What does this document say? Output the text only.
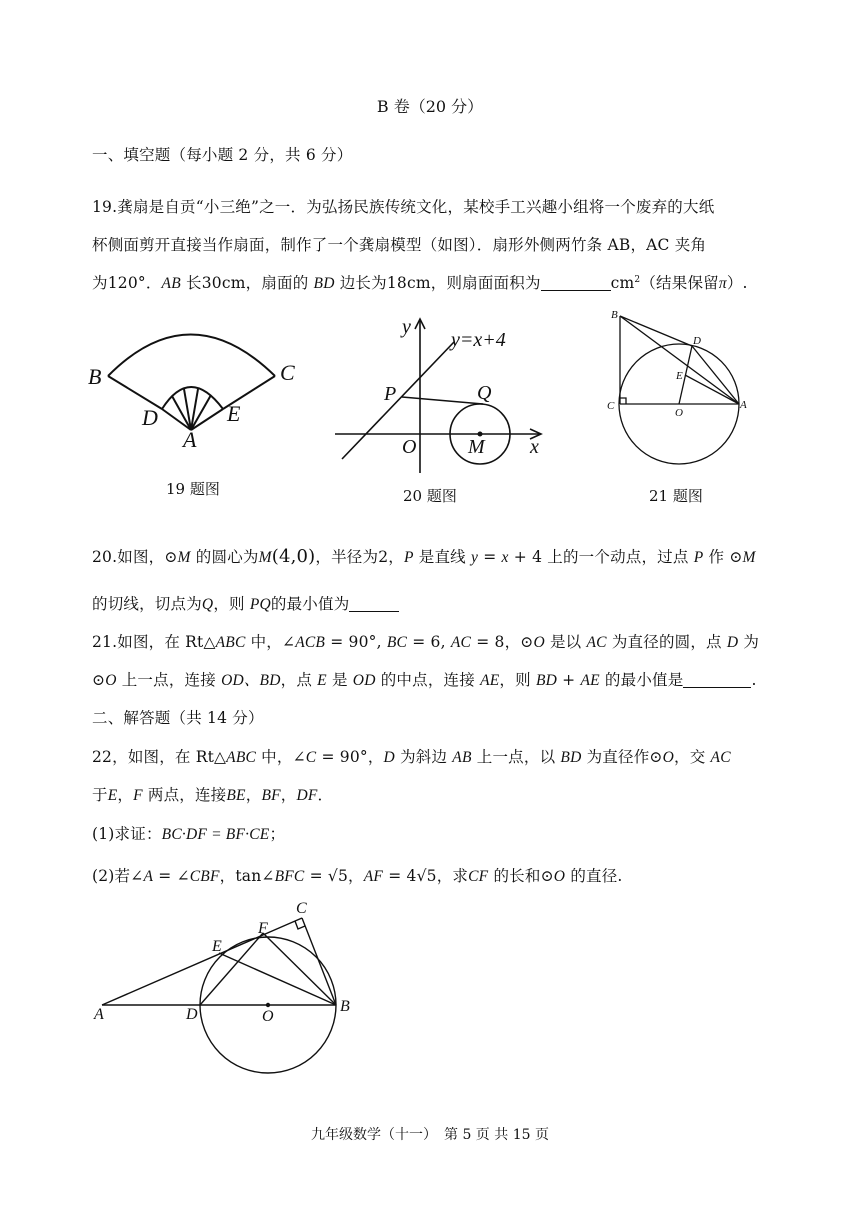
B 卷（20 分）
一、填空题（每小题 2 分，共 6 分）
19.龚扇是自贡“小三绝”之一．为弘扬民族传统文化，某校手工兴趣小组将一个废弃的大纸
杯侧面剪开直接当作扇面，制作了一个龚扇模型（如图）．扇形外侧两竹条 AB，AC 夹角
为120°．AB 长30cm，扇面的 BD 边长为18cm，则扇面面积为	$cm^2$（结果保留π）.
B	C
D	E
A
19 题图
y
x
y=x+4
P	Q
O	M
20 题图
B
D
E
C
O
A
21 题图
20.如图，⊙M 的圆心为M(4,0)，半径为2，P 是直线 y = x + 4 上的一个动点，过点 P 作 ⊙M
的切线，切点为Q，则 PQ的最小值为
21.如图，在 Rt△ABC 中，∠ACB = 90°, BC = 6, AC = 8，⊙O 是以 AC 为直径的圆，点 D 为
⊙O 上一点，连接 OD、BD，点 E 是 OD 的中点，连接 AE，则 BD + AE 的最小值是	.
二、解答题（共 14 分）
22，如图，在 Rt△ABC 中，∠C = 90°，D 为斜边 AB 上一点，以 BD 为直径作⊙O，交 AC
于E，F 两点，连接BE，BF，DF．
(1)求证：BC·DF = BF·CE；
(2)若∠A = ∠CBF，tan∠BFC = √5，AF = 4√5，求CF 的长和⊙O 的直径.
C
F
E
A	D	O
B
九年级数学（十一）　第 5 页 共 15 页
